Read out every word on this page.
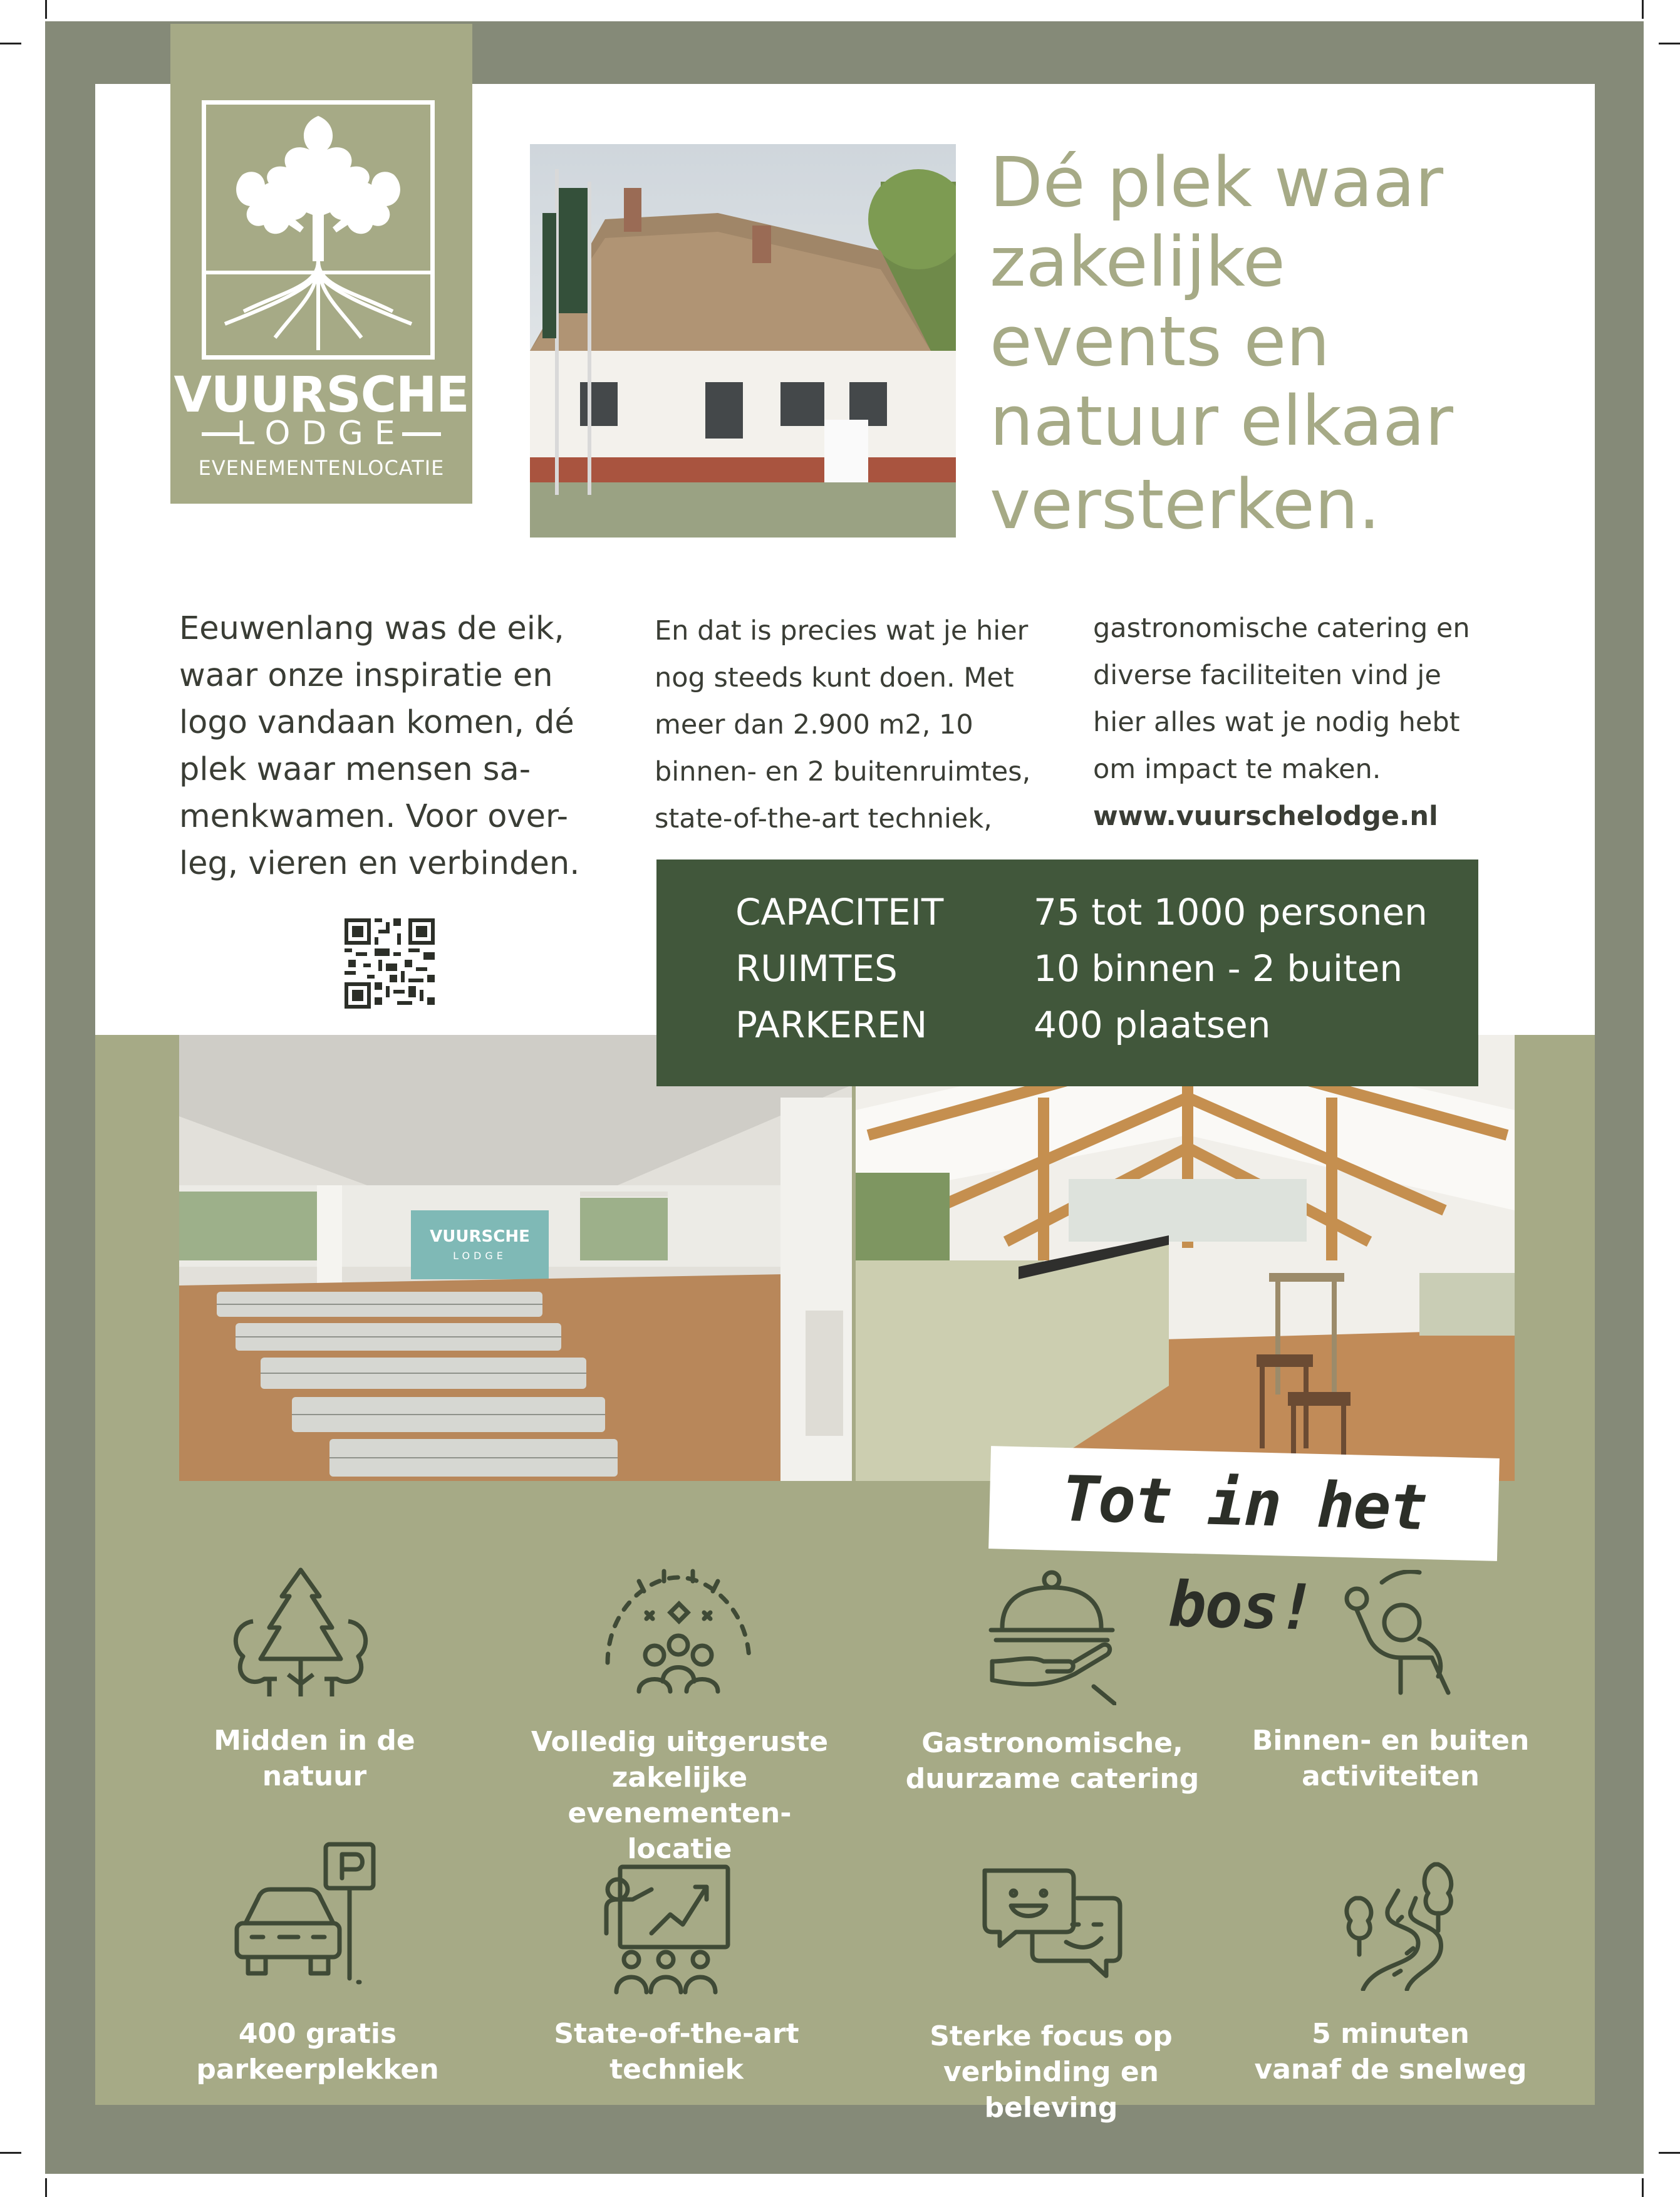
VUURSCHE
LODGE
EVENEMENTENLOCATIE
Dé plek waar
zakelijke
events en
natuur elkaar
versterken.
Eeuwenlang was de eik,
waar onze inspiratie en
logo vandaan komen, dé
plek waar mensen sa-
menkwamen. Voor over-
leg, vieren en verbinden.
En dat is precies wat je hier
nog steeds kunt doen. Met
meer dan 2.900 m2, 10
binnen- en 2 buitenruimtes,
state-of-the-art techniek,
gastronomische catering en
diverse faciliteiten vind je
hier alles wat je nodig hebt
om impact te maken.
www.vuurschelodge.nl
VUURSCHE
LODGE
CAPACITEIT	75 tot 1000 personen
RUIMTES	10 binnen - 2 buiten
PARKEREN	400 plaatsen
Tot in het bos!
Midden in de natuur
Volledig uitgeruste
zakelijke evenementen-
locatie
Gastronomische,
duurzame catering
Binnen- en buiten
activiteiten
400 gratis
parkeerplekken
State-of-the-art techniek
Sterke focus op
verbinding en beleving
5 minuten
vanaf de snelweg
